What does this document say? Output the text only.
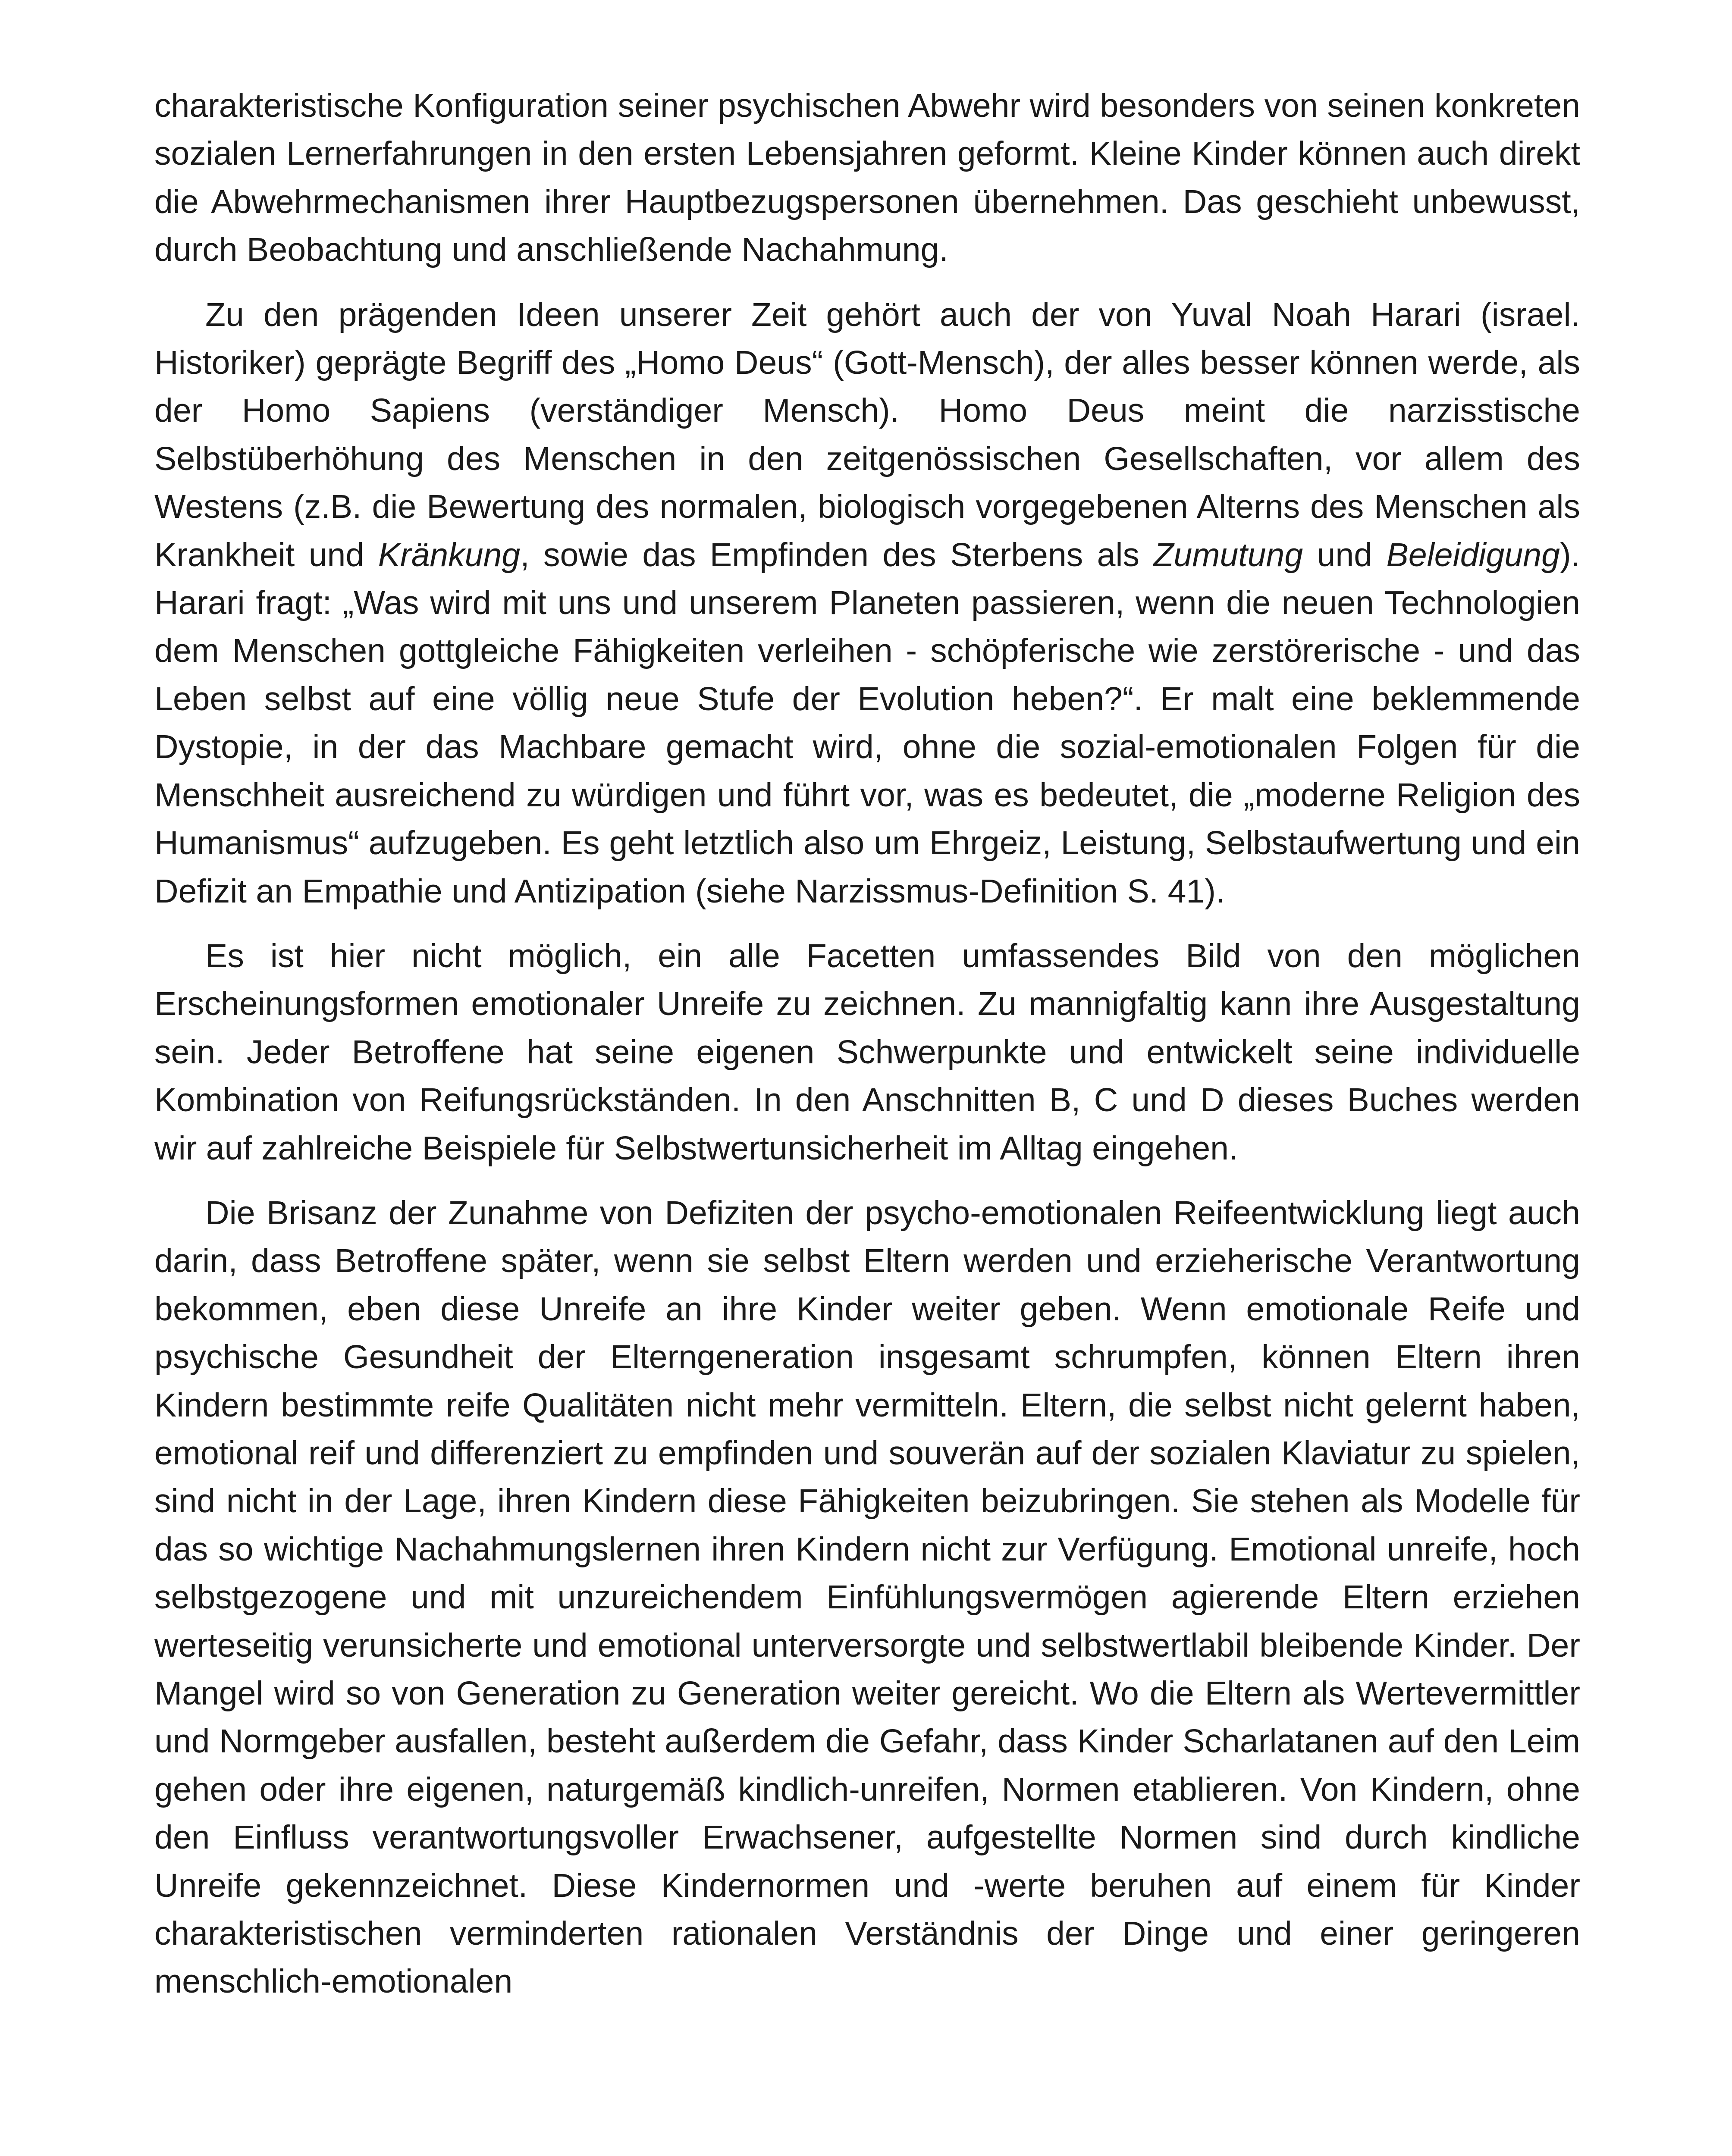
charakteristische Konfiguration seiner psychischen Abwehr wird besonders von seinen konkreten sozialen Lernerfahrungen in den ersten Lebensjahren geformt. Kleine Kinder können auch direkt die Abwehrmechanismen ihrer Hauptbezugspersonen übernehmen. Das geschieht unbewusst, durch Beobachtung und anschließende Nachahmung.

Zu den prägenden Ideen unserer Zeit gehört auch der von Yuval Noah Harari (israel. Historiker) geprägte Begriff des „Homo Deus“ (Gott-Mensch), der alles besser können werde, als der Homo Sapiens (verständiger Mensch). Homo Deus meint die narzisstische Selbstüberhöhung des Menschen in den zeitgenössischen Gesellschaften, vor allem des Westens (z.B. die Bewertung des normalen, biologisch vorgegebenen Alterns des Menschen als Krankheit und Kränkung, sowie das Empfinden des Sterbens als Zumutung und Beleidigung). Harari fragt: „Was wird mit uns und unserem Planeten passieren, wenn die neuen Technologien dem Menschen gottgleiche Fähigkeiten verleihen - schöpferische wie zerstörerische - und das Leben selbst auf eine völlig neue Stufe der Evolution heben?“. Er malt eine beklemmende Dystopie, in der das Machbare gemacht wird, ohne die sozial-emotionalen Folgen für die Menschheit ausreichend zu würdigen und führt vor, was es bedeutet, die „moderne Religion des Humanismus“ aufzugeben. Es geht letztlich also um Ehrgeiz, Leistung, Selbstaufwertung und ein Defizit an Empathie und Antizipation (siehe Narzissmus-Definition S. 41).

Es ist hier nicht möglich, ein alle Facetten umfassendes Bild von den möglichen Erscheinungsformen emotionaler Unreife zu zeichnen. Zu mannigfaltig kann ihre Ausgestaltung sein. Jeder Betroffene hat seine eigenen Schwerpunkte und entwickelt seine individuelle Kombination von Reifungsrückständen. In den Anschnitten B, C und D dieses Buches werden wir auf zahlreiche Beispiele für Selbstwertunsicherheit im Alltag eingehen.

Die Brisanz der Zunahme von Defiziten der psycho-emotionalen Reifeentwicklung liegt auch darin, dass Betroffene später, wenn sie selbst Eltern werden und erzieherische Verantwortung bekommen, eben diese Unreife an ihre Kinder weiter geben. Wenn emotionale Reife und psychische Gesundheit der Elterngeneration insgesamt schrumpfen, können Eltern ihren Kindern bestimmte reife Qualitäten nicht mehr vermitteln. Eltern, die selbst nicht gelernt haben, emotional reif und differenziert zu empfinden und souverän auf der sozialen Klaviatur zu spielen, sind nicht in der Lage, ihren Kindern diese Fähigkeiten beizubringen. Sie stehen als Modelle für das so wichtige Nachahmungslernen ihren Kindern nicht zur Verfügung. Emotional unreife, hoch selbstgezogene und mit unzureichendem Einfühlungsvermögen agierende Eltern erziehen werteseitig verunsicherte und emotional unterversorgte und selbstwertlabil bleibende Kinder. Der Mangel wird so von Generation zu Generation weiter gereicht. Wo die Eltern als Wertevermittler und Normgeber ausfallen, besteht außerdem die Gefahr, dass Kinder Scharlatanen auf den Leim gehen oder ihre eigenen, naturgemäß kindlich-unreifen, Normen etablieren. Von Kindern, ohne den Einfluss verantwortungsvoller Erwachsener, aufgestellte Normen sind durch kindliche Unreife gekennzeichnet. Diese Kindernormen und -werte beruhen auf einem für Kinder charakteristischen verminderten rationalen Verständnis der Dinge und einer geringeren menschlich-emotionalen
